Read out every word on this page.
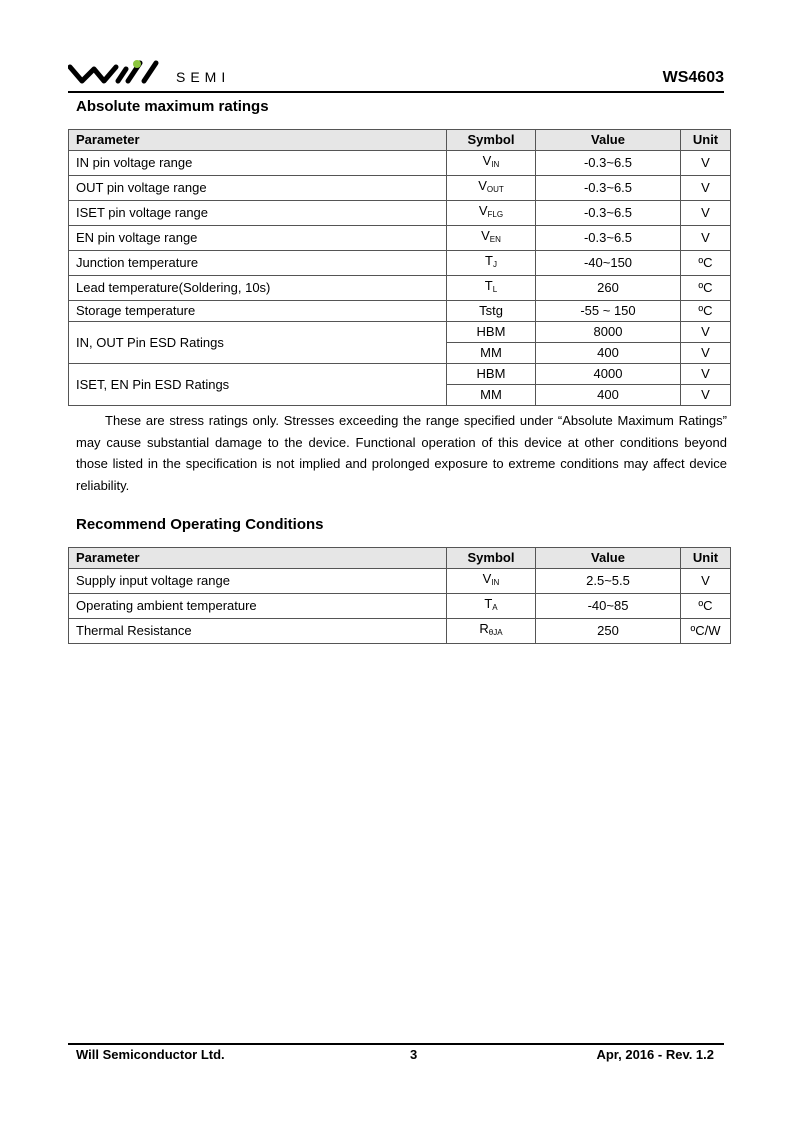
SEMI	WS4603
Absolute maximum ratings
Parameter	Symbol	Value	Unit
IN pin voltage range	VIN	-0.3~6.5	V
OUT pin voltage range	VOUT	-0.3~6.5	V
ISET pin voltage range	VFLG	-0.3~6.5	V
EN pin voltage range	VEN	-0.3~6.5	V
Junction temperature	TJ	-40~150	ºC
Lead temperature(Soldering, 10s)	TL	260	ºC
Storage temperature	Tstg	-55 ~ 150	ºC
IN, OUT Pin ESD Ratings	HBM	8000	V
	MM	400	V
ISET, EN Pin ESD Ratings	HBM	4000	V
	MM	400	V

These are stress ratings only. Stresses exceeding the range specified under “Absolute Maximum Ratings” may cause substantial damage to the device. Functional operation of this device at other conditions beyond those listed in the specification is not implied and prolonged exposure to extreme conditions may affect device reliability.

Recommend Operating Conditions
Parameter	Symbol	Value	Unit
Supply input voltage range	VIN	2.5~5.5	V
Operating ambient temperature	TA	-40~85	ºC
Thermal Resistance	RθJA	250	ºC/W
Will Semiconductor Ltd.	3	Apr, 2016 - Rev. 1.2
